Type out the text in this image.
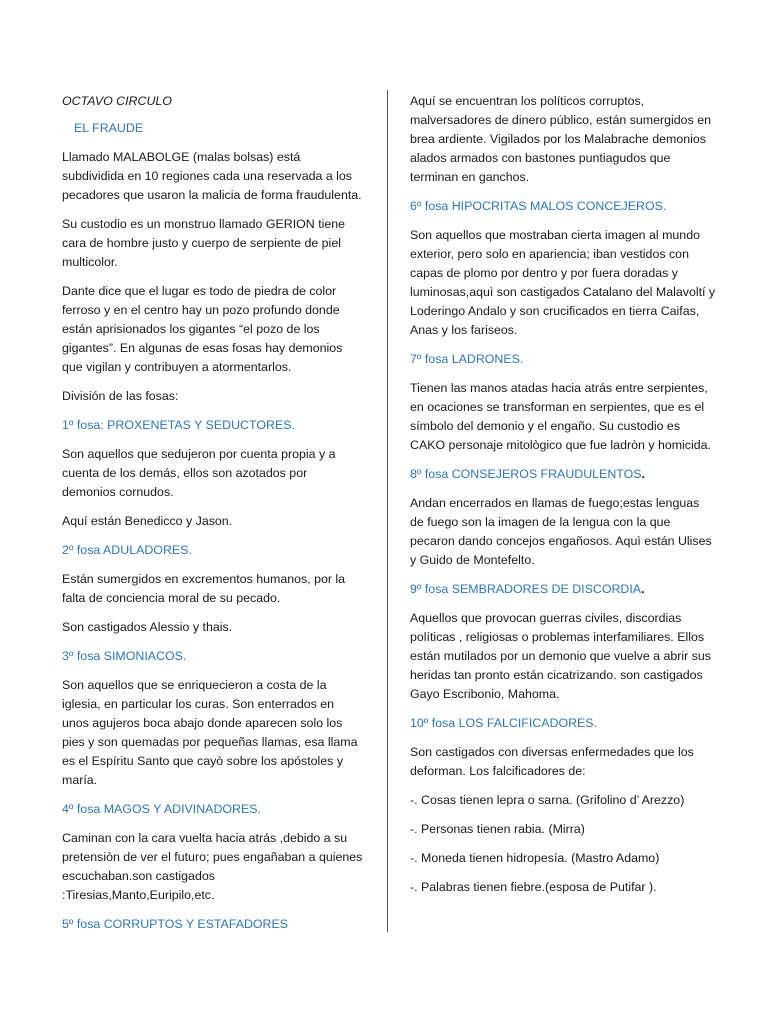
OCTAVO CIRCULO

EL FRAUDE

Llamado MALABOLGE (malas bolsas) está subdividida en 10 regiones cada una reservada a los pecadores que usaron la malicia de forma fraudulenta.

Su custodio es un monstruo llamado GERION tiene cara de hombre justo y cuerpo de serpiente de piel multicolor.

Dante dice que el lugar es todo de piedra de color ferroso y en el centro hay un pozo profundo donde están aprisionados los gigantes “el pozo de los gigantes”. En algunas de esas fosas hay demonios que vigilan y contribuyen a atormentarlos.

División de las fosas:

1º fosa: PROXENETAS Y SEDUCTORES.

Son aquellos que sedujeron por cuenta propia y a cuenta de los demás, ellos son azotados por demonios cornudos.

Aquí están Benedicco y Jason.

2º fosa ADULADORES.

Están sumergidos en excrementos humanos, por la falta de conciencia moral de su pecado.

Son castigados Alessio y thais.

3º fosa SIMONIACOS.

Son aquellos que se enriquecieron a costa de la iglesia, en particular los curas. Son enterrados en unos agujeros boca abajo donde aparecen solo los pies y son quemadas por pequeñas llamas, esa llama es el Espíritu Santo que cayò sobre los apóstoles y maría.

4º fosa MAGOS Y ADIVINADORES.

Caminan con la cara vuelta hacia atrás ,debido a su pretensiòn de ver el futuro; pues engañaban a quienes escuchaban.son castigados :Tiresias,Manto,Euripilo,etc.

5º fosa CORRUPTOS Y ESTAFADORES

Aquí se encuentran los políticos corruptos, malversadores de dinero público, están sumergidos en brea ardiente. Vigilados por los Malabrache demonios alados armados con bastones puntiagudos que terminan en ganchos.

6º fosa HIPOCRITAS MALOS CONCEJEROS.

Son aquellos que mostraban cierta imagen al mundo exterior, pero solo en apariencia; iban vestidos con capas de plomo por dentro y por fuera doradas y luminosas,aquì son castigados Catalano del Malavoltí y Loderingo Andalo y son crucificados en tierra Caifas, Anas y los fariseos.

7º fosa LADRONES.

Tienen las manos atadas hacia atrás entre serpientes, en ocaciones se transforman en serpientes, que es el símbolo del demonio y el engaño. Su custodio es CAKO personaje mitològico que fue ladròn y homicida.

8º fosa CONSEJEROS FRAUDULENTOS.

Andan encerrados en llamas de fuego;estas lenguas de fuego son la imagen de la lengua con la que pecaron dando concejos engañosos. Aquì están Ulises y Guido de Montefelto.

9º fosa SEMBRADORES DE DISCORDIA.

Aquellos que provocan guerras civiles, discordias políticas , religiosas o problemas interfamiliares. Ellos están mutilados por un demonio que vuelve a abrir sus heridas tan pronto están cicatrizando. son castigados Gayo Escribonio, Mahoma.

10º fosa LOS FALCIFICADORES.

Son castigados con diversas enfermedades que los deforman. Los falcificadores de:

-. Cosas tienen lepra o sarna. (Grifolino d’ Arezzo)

-. Personas tienen rabia. (Mirra)

-. Moneda tienen hidropesía. (Mastro Adamo)

-. Palabras tienen fiebre.(esposa de Putifar ).
